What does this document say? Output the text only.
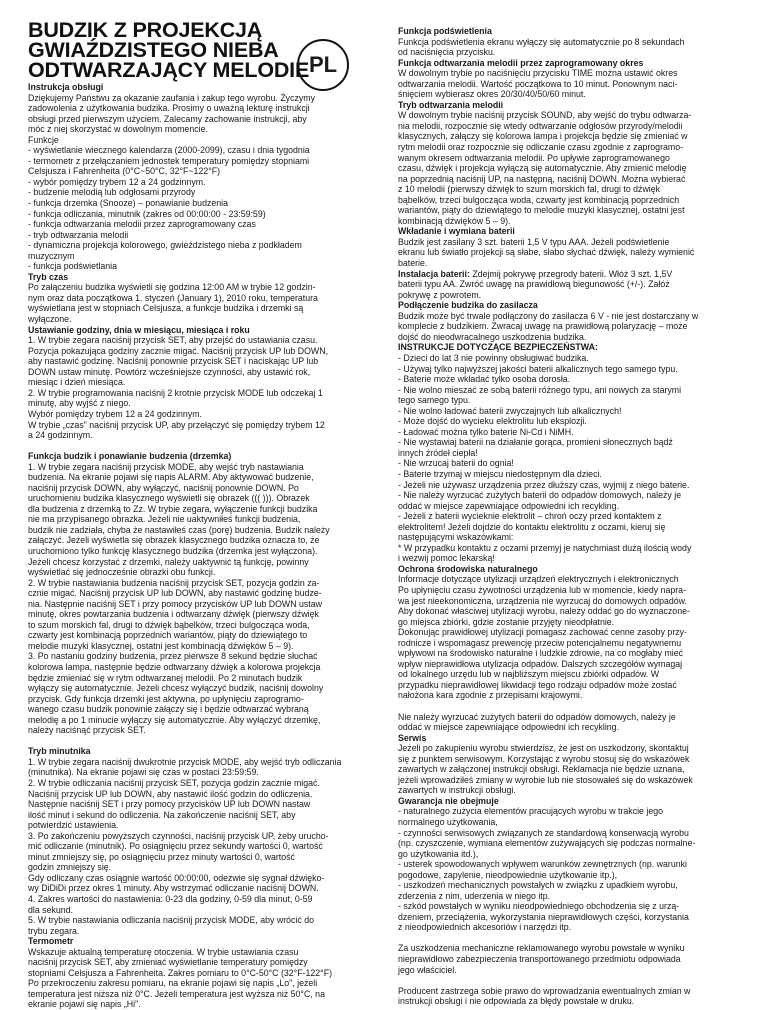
BUDZIK Z PROJEKCJĄ
GWIAŹDZISTEGO NIEBA
ODTWARZAJĄCY MELODIE PL
Instrukcja obsługi
Dziękujemy Państwu za okazanie zaufania i zakup tego wyrobu. Życzymy
zadowolenia z użytkowania budzika. Prosimy o uważną lekturę instrukcji
obsługi przed pierwszym użyciem. Zalecamy zachowanie instrukcji, aby
móc z niej skorzystać w dowolnym momencie.
Funkcje
- wyświetlanie wiecznego kalendarza (2000-2099), czasu i dnia tygodnia
- termometr z przełączaniem jednostek temperatury pomiędzy stopniami
Celsjusza i Fahrenheita (0°C~50°C, 32°F~122°F)
- wybór pomiędzy trybem 12 a 24 godzinnym.
- budzenie melodią lub odgłosami przyrody
- funkcja drzemka (Snooze) – ponawianie budzenia
- funkcja odliczania, minutnik (zakres od 00:00:00 - 23:59:59)
- funkcja odtwarzania melodii przez zaprogramowany czas
- tryb odtwarzania melodii
- dynamiczna projekcja kolorowego, gwieździstego nieba z podkładem
muzycznym
- funkcja podświetlania
Tryb czas
Po załączeniu budzika wyświetli się godzina 12:00 AM w trybie 12 godzin-
nym oraz data początkowa 1. styczeń (January 1), 2010 roku, temperatura
wyświetlana jest w stopniach Celsjusza, a funkcje budzika i drzemki są
wyłączone.
Ustawianie godziny, dnia w miesiącu, miesiąca i roku
1. W trybie zegara naciśnij przycisk SET, aby przejść do ustawiania czasu.
Pozycja pokazująca godziny zacznie migać. Naciśnij przycisk UP lub DOWN,
aby nastawić godzinę. Naciśnij ponownie przycisk SET i naciskając UP lub
DOWN ustaw minutę. Powtórz wcześniejsze czynności, aby ustawić rok,
miesiąc i dzień miesiąca.
2. W trybie programowania naciśnij 2 krotnie przycisk MODE lub odczekaj 1
minutę, aby wyjść z niego.
Wybór pomiędzy trybem 12 a 24 godzinnym.
W trybie „czas" naciśnij przycisk UP, aby przełączyć się pomiędzy trybem 12
a 24 godzinnym.
Funkcja budzik i ponawianie budzenia (drzemka)
1. W trybie zegara naciśnij przycisk MODE, aby wejść tryb nastawiania
budzenia. Na ekranie pojawi się napis ALARM. Aby aktywować budzenie,
naciśnij przycisk DOWN, aby wyłączyć, naciśnij ponownie DOWN. Po
uruchomieniu budzika klasycznego wyświetli się obrazek ((( ))). Obrazek
dla budzenia z drzemką to Zz. W trybie zegara, wyłączenie funkcji budzika
nie ma przypisanego obrazka. Jeżeli nie uaktywniłeś funkcji budzenia,
budzik nie zadziała, chyba że nastawiłeś czas (porę) budzenia. Budzik należy
załączyć. Jeżeli wyświetla się obrazek klasycznego budzika oznacza to, że
uruchomiono tylko funkcję klasycznego budzika (drzemka jest wyłączona).
Jeżeli chcesz korzystać z drzemki, należy uaktywnić tą funkcję, powinny
wyświetlać się jednocześnie obrazki obu funkcji.
2. W trybie nastawiania budzenia naciśnij przycisk SET, pozycja godzin za-
cznie migać. Naciśnij przycisk UP lub DOWN, aby nastawić godzinę budze-
nia. Następnie naciśnij SET i przy pomocy przycisków UP lub DOWN ustaw
minutę, okres powtarzania budzenia i odtwarzany dźwięk (pierwszy dźwięk
to szum morskich fal, drugi to dźwięk bąbelków, trzeci bulgocząca woda,
czwarty jest kombinacją poprzednich wariantów, piąty do dziewiątego to
melodie muzyki klasycznej, ostatni jest kombinacją dźwięków 5 – 9).
3. Po nastaniu godziny budzenia, przez pierwsze 8 sekund będzie słuchać
kolorowa lampa, następnie będzie odtwarzany dźwięk a kolorowa projekcja
będzie zmieniać się w rytm odtwarzanej melodii. Po 2 minutach budzik
wyłączy się automatycznie. Jeżeli chcesz wyłączyć budzik, naciśnij dowolny
przycisk. Gdy funkcja drzemki jest aktywna, po upłynięciu zaprogramo-
wanego czasu budzik ponownie załączy się i będzie odtwarzać wybraną
melodię a po 1 minucie wyłączy się automatycznie. Aby wyłączyć drzemkę,
należy naciśnąć przycisk SET.
Tryb minutnika
1. W trybie zegara naciśnij dwukrotnie przycisk MODE, aby wejść tryb odliczania
(minutnika). Na ekranie pojawi się czas w postaci 23:59:59.
2. W trybie odliczania naciśnij przycisk SET, pozycja godzin zacznie migać.
Naciśnij przycisk UP lub DOWN, aby nastawić ilość godzin do odliczenia.
Następnie naciśnij SET i przy pomocy przycisków UP lub DOWN nastaw
ilość minut i sekund do odliczenia. Na zakończenie naciśnij SET, aby
potwierdzić ustawienia.
3. Po zakończeniu powyższych czynności, naciśnij przycisk UP, żeby urucho-
mić odliczanie (minutnik). Po osiągnięciu przez sekundy wartości 0, wartość
minut zmniejszy się, po osiągnięciu przez minuty wartości 0, wartość
godzin zmniejszy się.
Gdy odliczany czas osiągnie wartość 00:00:00, odezwie się sygnał dźwięko-
wy DiDiDi przez okres 1 minuty. Aby wstrzymać odliczanie naciśnij DOWN.
4. Zakres wartości do nastawienia: 0-23 dla godziny, 0-59 dla minut, 0-59
dla sekund.
5. W trybie nastawiania odliczania naciśnij przycisk MODE, aby wrócić do
trybu zegara.
Termometr
Wskazuje aktualną temperaturę otoczenia. W trybie ustawiania czasu
naciśnij przycisk SET, aby zmieniać wyświetlanie temperatury pomiędzy
stopniami Celsjusza a Fahrenheita. Zakres pomiaru to 0°C-50°C (32°F-122°F)
Po przekroczeniu zakresu pomiaru, na ekranie pojawi się napis „Lo", jeżeli
temperatura jest niższa niż 0°C. Jeżeli temperatura jest wyższa niż 50°C, na
ekranie pojawi się napis „Hi".
Funkcja podświetlenia
Funkcja podświetlenia ekranu wyłączy się automatycznie po 8 sekundach
od naciśnięcia przycisku.
Funkcja odtwarzania melodii przez zaprogramowany okres
W dowolnym trybie po naciśnięciu przycisku TIME można ustawić okres
odtwarzania melodii. Wartość początkowa to 10 minut. Ponownym naci-
śnięciem wybierasz okres 20/30/40/50/60 minut.
Tryb odtwarzania melodii
W dowolnym trybie naciśnij przycisk SOUND, aby wejść do trybu odtwarza-
nia melodii, rozpocznie się wtedy odtwarzanie odgłosów przyrody/melodii
klasycznych, załączy się kolorowa lampa i projekcja będzie się zmieniać w
rytm melodii oraz rozpocznie się odliczanie czasu zgodnie z zaprogramo-
wanym okresem odtwarzania melodii. Po upływie zaprogramowanego
czasu, dźwięk i projekcja wyłączą się automatycznie. Aby zmienić melodię
na poprzednią naciśnij UP, na następną, naciśnij DOWN. Można wybierać
z 10 melodii (pierwszy dźwięk to szum morskich fal, drugi to dźwięk
bąbelków, trzeci bulgocząca woda, czwarty jest kombinacją poprzednich
wariantów, piąty do dziewiątego to melodie muzyki klasycznej, ostatni jest
kombinacją dźwięków 5 – 9).
Wkładanie i wymiana baterii
Budzik jest zasilany 3 szt. baterii 1,5 V typu AAA. Jeżeli podświetlenie
ekranu lub światło projekcji są słabe, słabo słychać dźwięk, należy wymienić
baterie.
Instalacja baterii: Zdejmij pokrywę przegrody baterii. Włóż 3 szt. 1,5V
baterii typu AA. Zwróć uwagę na prawidłową biegunowość (+/-). Załóż
pokrywę z powrotem.
Podłączenie budzika do zasilacza
Budzik może być trwale podłączony do zasilacza 6 V - nie jest dostarczany w
komplecie z budzikiem. Zwracaj uwagę na prawidłową polaryzację – może
dojść do nieodwracalnego uszkodzenia budzika.
INSTRUKCJE DOTYCZĄCE BEZPIECZEŃSTWA:
- Dzieci do lat 3 nie powinny obsługiwać budzika.
- Używaj tylko najwyższej jakości baterii alkalicznych tego samego typu.
- Baterie może wkładać tylko osoba dorosła.
- Nie wolno mieszać ze sobą baterii różnego typu, ani nowych za starymi
tego samego typu.
- Nie wolno ładować baterii zwyczajnych lub alkalicznych!
- Może dojść do wycieku elektrolitu lub eksplozji.
- Ładować można tylko baterie Ni-Cd i NiMH.
- Nie wystawiaj baterii na działanie gorąca, promieni słonecznych bądź
innych źródeł ciepła!
- Nie wrzucaj baterii do ognia!
- Baterie trzymaj w miejscu niedostępnym dla dzieci.
- Jeżeli nie używasz urządzenia przez dłuższy czas, wyjmij z niego baterie.
- Nie należy wyrzucać zużytych baterii do odpadów domowych, należy je
oddać w miejsce zapewniające odpowiedni ich recykling.
- Jeżeli z baterii wycieknie elektrolit – chroń oczy przed kontaktem z
elektrolitem! Jeżeli dojdzie do kontaktu elektrolitu z oczami, kieruj się
następującymi wskazówkami:
* W przypadku kontaktu z oczami przemyj je natychmiast dużą ilością wody
i wezwij pomoc lekarską!
Ochrona środowiska naturalnego
Informacje dotyczące utylizacji urządzeń elektrycznych i elektronicznych
Po upłynięciu czasu żywotności urządzenia lub w momencie, kiedy napra-
wa jest nieekonomiczna, urządzenia nie wyrzucaj do domowych odpadów.
Aby dokonać właściwej utylizacji wyrobu, należy oddać go do wyznaczone-
go miejsca zbiórki, gdzie zostanie przyjęty nieodpłatnie.
Dokonując prawidłowej utylizacji pomagasz zachować cenne zasoby przy-
rodnicze i wspomagasz prewencję przeciw potencjalnemu negatywnemu
wpływowi na środowisko naturalne i ludzkie zdrowie, na co mogłaby mieć
wpływ nieprawidłowa utylizacja odpadów. Dalszych szczegółów wymagaj
od lokalnego urzędu lub w najbliższym miejscu zbiórki odpadów. W
przypadku nieprawidłowej likwidacji tego rodzaju odpadów może zostać
nałożona kara zgodnie z przepisami krajowymi.
Nie należy wyrzucać zużytych baterii do odpadów domowych, należy je
oddać w miejsce zapewniające odpowiedni ich recykling.
Serwis
Jeżeli po zakupieniu wyrobu stwierdzisz, że jest on uszkodzony, skontaktuj
się z punktem serwisowym. Korzystając z wyrobu stosuj się do wskazówek
zawartych w załączonej instrukcji obsługi. Reklamacja nie będzie uznana,
jeżeli wprowadziłeś zmiany w wyrobie lub nie stosowałeś się do wskazówek
zawartych w instrukcji obsługi.
Gwarancja nie obejmuje
- naturalnego zużycia elementów pracujących wyrobu w trakcie jego
normalnego użytkowania,
- czynności serwisowych związanych ze standardową konserwacją wyrobu
(np. czyszczenie, wymiana elementów zużywających się podczas normalne-
go użytkowania itd.),
- usterek spowodowanych wpływem warunków zewnętrznych (np. warunki
pogodowe, zapylenie, nieodpowiednie użytkowanie itp.),
- uszkodzeń mechanicznych powstałych w związku z upadkiem wyrobu,
zderzenia z nim, uderzenia w niego itp.
- szkód powstałych w wyniku nieodpowiedniego obchodzenia się z urzą-
dzeniem, przeciążenia, wykorzystania nieprawidłowych części, korzystania
z nieodpowiednich akcesoriów i narzędzi itp.
Za uszkodzenia mechaniczne reklamowanego wyrobu powstałe w wyniku
nieprawidłowo zabezpieczenia transportowanego przedmiotu odpowiada
jego właściciel.
Producent zastrzega sobie prawo do wprowadzania ewentualnych zmian w
instrukcji obsługi i nie odpowiada za błędy powstałe w druku.
